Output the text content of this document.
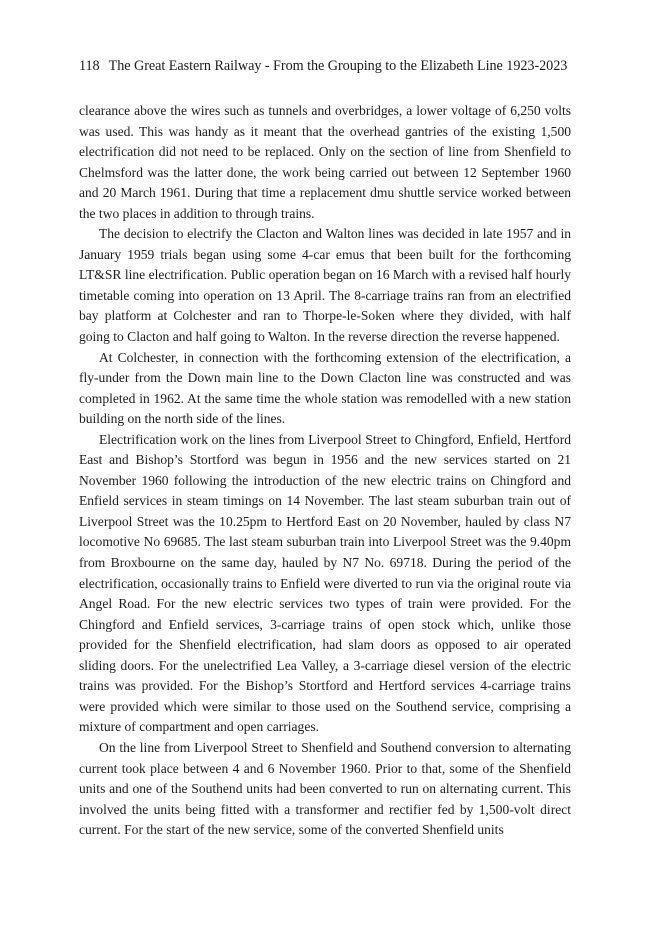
118 The Great Eastern Railway - From the Grouping to the Elizabeth Line 1923-2023

clearance above the wires such as tunnels and overbridges, a lower voltage of 6,250 volts was used. This was handy as it meant that the overhead gantries of the existing 1,500 electrification did not need to be replaced. Only on the section of line from Shenfield to Chelmsford was the latter done, the work being carried out between 12 September 1960 and 20 March 1961. During that time a replacement dmu shuttle service worked between the two places in addition to through trains.

The decision to electrify the Clacton and Walton lines was decided in late 1957 and in January 1959 trials began using some 4-car emus that been built for the forthcoming LT&SR line electrification. Public operation began on 16 March with a revised half hourly timetable coming into operation on 13 April. The 8-carriage trains ran from an electrified bay platform at Colchester and ran to Thorpe-le-Soken where they divided, with half going to Clacton and half going to Walton. In the reverse direction the reverse happened.

At Colchester, in connection with the forthcoming extension of the electrification, a fly-under from the Down main line to the Down Clacton line was constructed and was completed in 1962. At the same time the whole station was remodelled with a new station building on the north side of the lines.

Electrification work on the lines from Liverpool Street to Chingford, Enfield, Hertford East and Bishop’s Stortford was begun in 1956 and the new services started on 21 November 1960 following the introduction of the new electric trains on Chingford and Enfield services in steam timings on 14 November. The last steam suburban train out of Liverpool Street was the 10.25pm to Hertford East on 20 November, hauled by class N7 locomotive No 69685. The last steam suburban train into Liverpool Street was the 9.40pm from Broxbourne on the same day, hauled by N7 No. 69718. During the period of the electrification, occasionally trains to Enfield were diverted to run via the original route via Angel Road. For the new electric services two types of train were provided. For the Chingford and Enfield services, 3-carriage trains of open stock which, unlike those provided for the Shenfield electrification, had slam doors as opposed to air operated sliding doors. For the unelectrified Lea Valley, a 3-carriage diesel version of the electric trains was provided. For the Bishop’s Stortford and Hertford services 4-carriage trains were provided which were similar to those used on the Southend service, comprising a mixture of compartment and open carriages.

On the line from Liverpool Street to Shenfield and Southend conversion to alternating current took place between 4 and 6 November 1960. Prior to that, some of the Shenfield units and one of the Southend units had been converted to run on alternating current. This involved the units being fitted with a transformer and rectifier fed by 1,500-volt direct current. For the start of the new service, some of the converted Shenfield units
